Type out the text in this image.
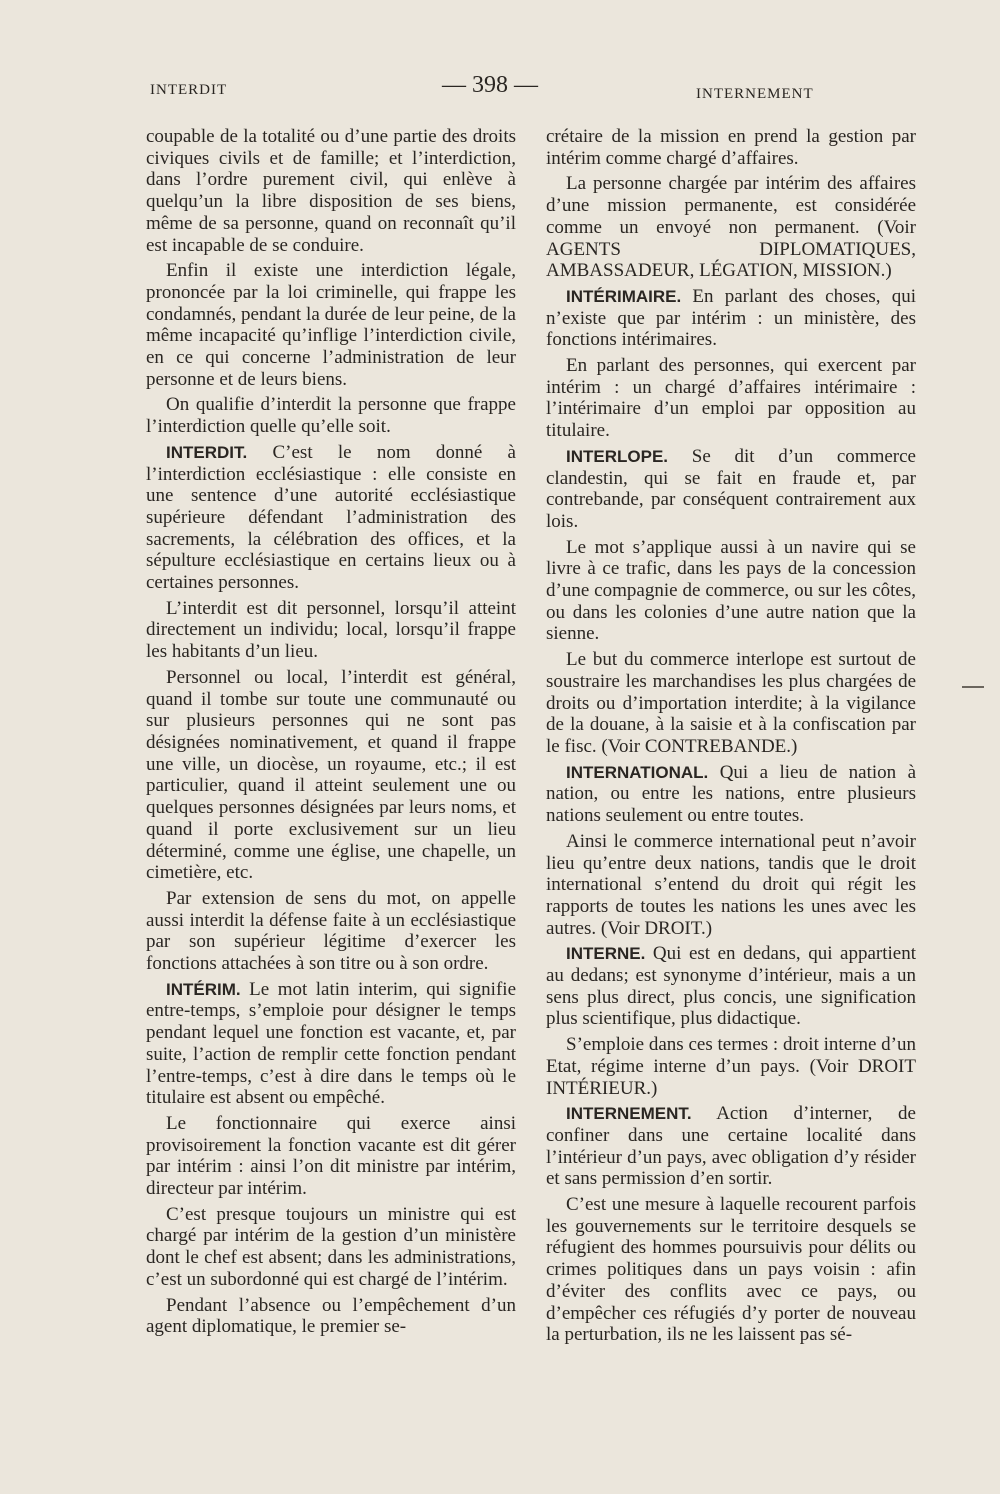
INTERDIT	— 398 —	INTERNEMENT

coupable de la totalité ou d’une partie des droits civiques civils et de famille; et l’interdiction, dans l’ordre purement civil, qui enlève à quelqu’un la libre disposition de ses biens, même de sa personne, quand on reconnaît qu’il est incapable de se conduire.

Enfin il existe une interdiction légale, prononcée par la loi criminelle, qui frappe les condamnés, pendant la durée de leur peine, de la même incapacité qu’inflige l’interdiction civile, en ce qui concerne l’administration de leur personne et de leurs biens.

On qualifie d’interdit la personne que frappe l’interdiction quelle qu’elle soit.

INTERDIT. C’est le nom donné à l’interdiction ecclésiastique : elle consiste en une sentence d’une autorité ecclésiastique supérieure défendant l’administration des sacrements, la célébration des offices, et la sépulture ecclésiastique en certains lieux ou à certaines personnes.

L’interdit est dit personnel, lorsqu’il atteint directement un individu; local, lorsqu’il frappe les habitants d’un lieu.

Personnel ou local, l’interdit est général, quand il tombe sur toute une communauté ou sur plusieurs personnes qui ne sont pas désignées nominativement, et quand il frappe une ville, un diocèse, un royaume, etc.; il est particulier, quand il atteint seulement une ou quelques personnes désignées par leurs noms, et quand il porte exclusivement sur un lieu déterminé, comme une église, une chapelle, un cimetière, etc.

Par extension de sens du mot, on appelle aussi interdit la défense faite à un ecclésiastique par son supérieur légitime d’exercer les fonctions attachées à son titre ou à son ordre.

INTÉRIM. Le mot latin interim, qui signifie entre-temps, s’emploie pour désigner le temps pendant lequel une fonction est vacante, et, par suite, l’action de remplir cette fonction pendant l’entre-temps, c’est à dire dans le temps où le titulaire est absent ou empêché.

Le fonctionnaire qui exerce ainsi provisoirement la fonction vacante est dit gérer par intérim : ainsi l’on dit ministre par intérim, directeur par intérim.

C’est presque toujours un ministre qui est chargé par intérim de la gestion d’un ministère dont le chef est absent; dans les administrations, c’est un subordonné qui est chargé de l’intérim.

Pendant l’absence ou l’empêchement d’un agent diplomatique, le premier se-

crétaire de la mission en prend la gestion par intérim comme chargé d’affaires.

La personne chargée par intérim des affaires d’une mission permanente, est considérée comme un envoyé non permanent. (Voir AGENTS DIPLOMATIQUES, AMBASSADEUR, LÉGATION, MISSION.)

INTÉRIMAIRE. En parlant des choses, qui n’existe que par intérim : un ministère, des fonctions intérimaires.

En parlant des personnes, qui exercent par intérim : un chargé d’affaires intérimaire : l’intérimaire d’un emploi par opposition au titulaire.

INTERLOPE. Se dit d’un commerce clandestin, qui se fait en fraude et, par contrebande, par conséquent contrairement aux lois.

Le mot s’applique aussi à un navire qui se livre à ce trafic, dans les pays de la concession d’une compagnie de commerce, ou sur les côtes, ou dans les colonies d’une autre nation que la sienne.

Le but du commerce interlope est surtout de soustraire les marchandises les plus chargées de droits ou d’importation interdite; à la vigilance de la douane, à la saisie et à la confiscation par le fisc. (Voir CONTREBANDE.)

INTERNATIONAL. Qui a lieu de nation à nation, ou entre les nations, entre plusieurs nations seulement ou entre toutes.

Ainsi le commerce international peut n’avoir lieu qu’entre deux nations, tandis que le droit international s’entend du droit qui régit les rapports de toutes les nations les unes avec les autres. (Voir DROIT.)

INTERNE. Qui est en dedans, qui appartient au dedans; est synonyme d’intérieur, mais a un sens plus direct, plus concis, une signification plus scientifique, plus didactique.

S’emploie dans ces termes : droit interne d’un Etat, régime interne d’un pays. (Voir DROIT INTÉRIEUR.)

INTERNEMENT. Action d’interner, de confiner dans une certaine localité dans l’intérieur d’un pays, avec obligation d’y résider et sans permission d’en sortir.

C’est une mesure à laquelle recourent parfois les gouvernements sur le territoire desquels se réfugient des hommes poursuivis pour délits ou crimes politiques dans un pays voisin : afin d’éviter des conflits avec ce pays, ou d’empêcher ces réfugiés d’y porter de nouveau la perturbation, ils ne les laissent pas sé-
